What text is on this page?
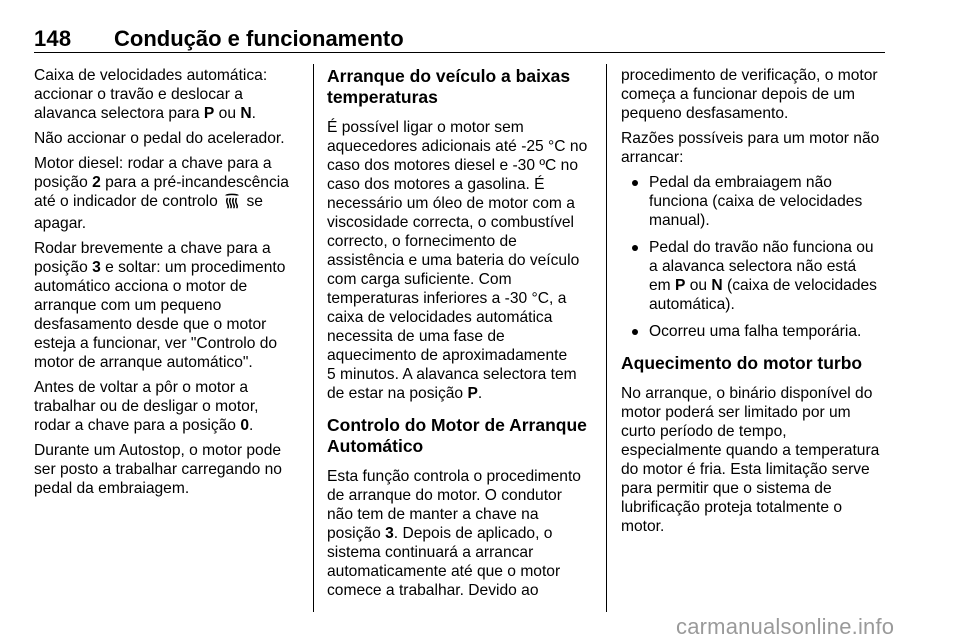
148 Condução e funcionamento

Caixa de velocidades automática:
accionar o travão e deslocar a
alavanca selectora para P ou N.

Não accionar o pedal do acelerador.

Motor diesel: rodar a chave para a
posição 2 para a pré-incandescência
até o indicador de controlo  se
apagar.

Rodar brevemente a chave para a
posição 3 e soltar: um procedimento
automático acciona o motor de
arranque com um pequeno
desfasamento desde que o motor
esteja a funcionar, ver "Controlo do
motor de arranque automático".

Antes de voltar a pôr o motor a
trabalhar ou de desligar o motor,
rodar a chave para a posição 0.

Durante um Autostop, o motor pode
ser posto a trabalhar carregando no
pedal da embraiagem.

Arranque do veículo a baixas
temperaturas

É possível ligar o motor sem
aquecedores adicionais até -25 °C no
caso dos motores diesel e -30 ºC no
caso dos motores a gasolina. É
necessário um óleo de motor com a
viscosidade correcta, o combustível
correcto, o fornecimento de
assistência e uma bateria do veículo
com carga suficiente. Com
temperaturas inferiores a -30 °C, a
caixa de velocidades automática
necessita de uma fase de
aquecimento de aproximadamente
5 minutos. A alavanca selectora tem
de estar na posição P.

Controlo do Motor de Arranque
Automático

Esta função controla o procedimento
de arranque do motor. O condutor
não tem de manter a chave na
posição 3. Depois de aplicado, o
sistema continuará a arrancar
automaticamente até que o motor
comece a trabalhar. Devido ao

procedimento de verificação, o motor
começa a funcionar depois de um
pequeno desfasamento.

Razões possíveis para um motor não
arrancar:

Pedal da embraiagem não
funciona (caixa de velocidades
manual).
Pedal do travão não funciona ou
a alavanca selectora não está
em P ou N (caixa de velocidades
automática).
Ocorreu uma falha temporária.
Aquecimento do motor turbo

No arranque, o binário disponível do
motor poderá ser limitado por um
curto período de tempo,
especialmente quando a temperatura
do motor é fria. Esta limitação serve
para permitir que o sistema de
lubrificação proteja totalmente o
motor.

carmanualsonline.info
